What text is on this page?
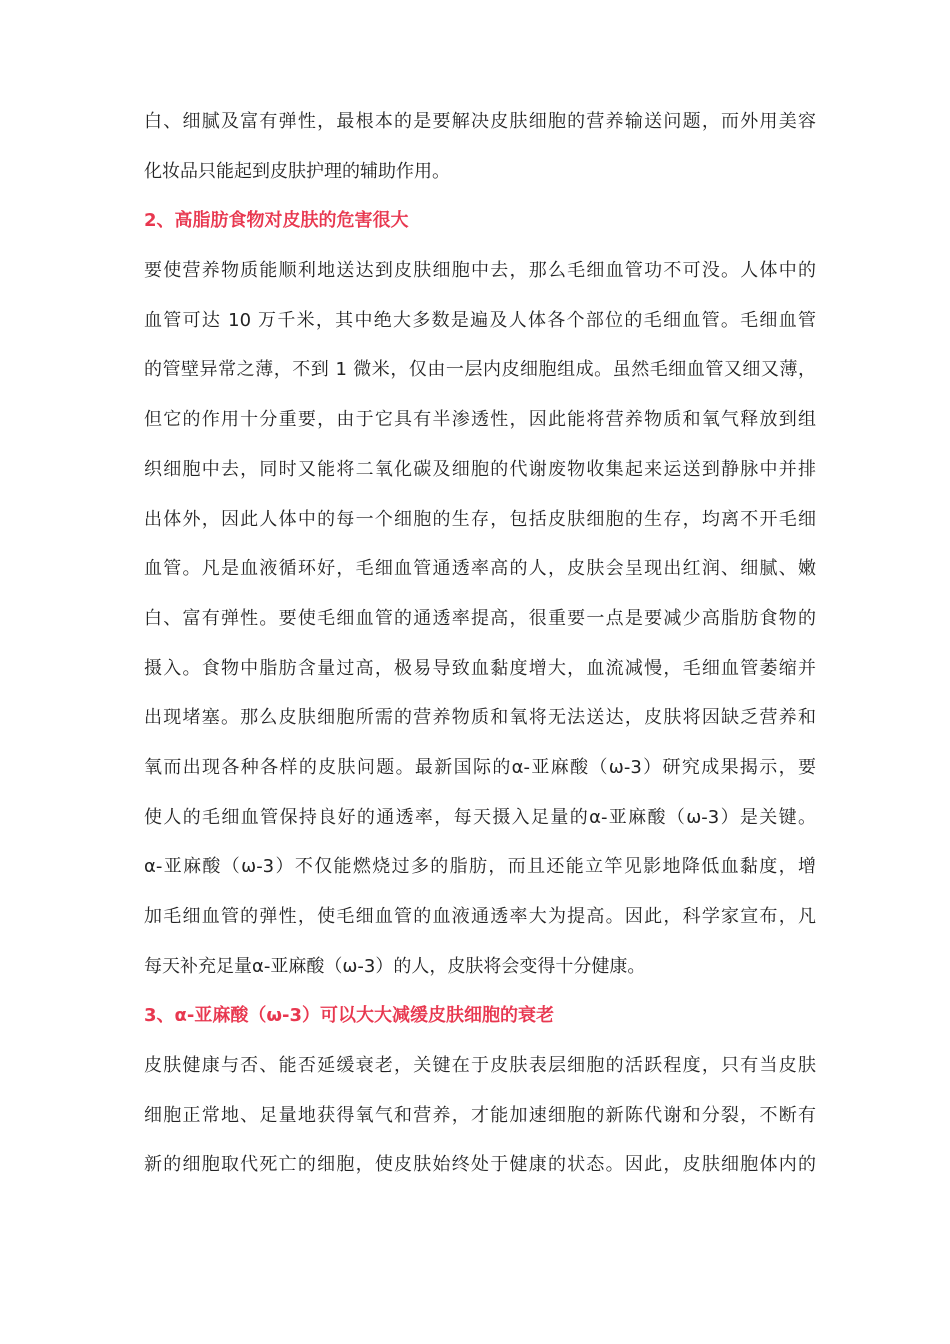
白、细腻及富有弹性，最根本的是要解决皮肤细胞的营养输送问题，而外用美容
化妆品只能起到皮肤护理的辅助作用。
2、高脂肪食物对皮肤的危害很大
要使营养物质能顺利地送达到皮肤细胞中去，那么毛细血管功不可没。人体中的
血管可达 10 万千米，其中绝大多数是遍及人体各个部位的毛细血管。毛细血管
的管壁异常之薄，不到 1 微米，仅由一层内皮细胞组成。虽然毛细血管又细又薄，
但它的作用十分重要，由于它具有半渗透性，因此能将营养物质和氧气释放到组
织细胞中去，同时又能将二氧化碳及细胞的代谢废物收集起来运送到静脉中并排
出体外，因此人体中的每一个细胞的生存，包括皮肤细胞的生存，均离不开毛细
血管。凡是血液循环好，毛细血管通透率高的人，皮肤会呈现出红润、细腻、嫩
白、富有弹性。要使毛细血管的通透率提高，很重要一点是要减少高脂肪食物的
摄入。食物中脂肪含量过高，极易导致血黏度增大，血流减慢，毛细血管萎缩并
出现堵塞。那么皮肤细胞所需的营养物质和氧将无法送达，皮肤将因缺乏营养和
氧而出现各种各样的皮肤问题。最新国际的α-亚麻酸（ω-3）研究成果揭示，要
使人的毛细血管保持良好的通透率，每天摄入足量的α-亚麻酸（ω-3）是关键。
α-亚麻酸（ω-3）不仅能燃烧过多的脂肪，而且还能立竿见影地降低血黏度，增
加毛细血管的弹性，使毛细血管的血液通透率大为提高。因此，科学家宣布，凡
每天补充足量α-亚麻酸（ω-3）的人，皮肤将会变得十分健康。
3、α-亚麻酸（ω-3）可以大大减缓皮肤细胞的衰老
皮肤健康与否、能否延缓衰老，关键在于皮肤表层细胞的活跃程度，只有当皮肤
细胞正常地、足量地获得氧气和营养，才能加速细胞的新陈代谢和分裂，不断有
新的细胞取代死亡的细胞，使皮肤始终处于健康的状态。因此，皮肤细胞体内的
